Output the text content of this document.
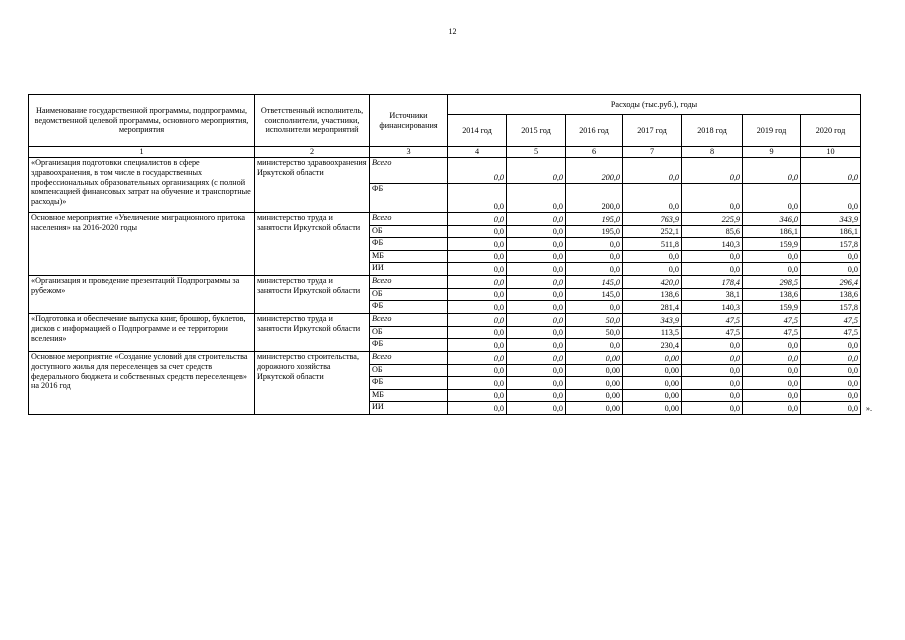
12
Наименование государственной программы, подпрограммы, ведомственной целевой программы, основного мероприятия, мероприятия	Ответственный исполнитель, соисполнители, участники, исполнители мероприятий	Источники финансирования	Расходы (тыс.руб.), годы						
			2014 год	2015 год	2016 год	2017 год	2018 год	2019 год	2020 год
1	2	3	4	5	6	7	8	9	10
«Организация подготовки специалистов в сфере здравоохранения, в том числе в государственных профессиональных образовательных организациях (с полной компенсацией финансовых затрат на обучение и транспортные расходы)»	министерство здравоохранения Иркутской области	Всего	0,0	0,0	200,0	0,0	0,0	0,0	0,0
		ФБ	0,0	0,0	200,0	0,0	0,0	0,0	0,0
Основное мероприятие «Увеличение миграционного притока населения» на 2016-2020 годы	министерство труда и занятости Иркутской области	Всего	0,0	0,0	195,0	763,9	225,9	346,0	343,9
		ОБ	0,0	0,0	195,0	252,1	85,6	186,1	186,1
		ФБ	0,0	0,0	0,0	511,8	140,3	159,9	157,8
		МБ	0,0	0,0	0,0	0,0	0,0	0,0	0,0
		ИИ	0,0	0,0	0,0	0,0	0,0	0,0	0,0
«Организация и проведение презентаций Подпрограммы за рубежом»	министерство труда и занятости Иркутской области	Всего	0,0	0,0	145,0	420,0	178,4	298,5	296,4
		ОБ	0,0	0,0	145,0	138,6	38,1	138,6	138,6
		ФБ	0,0	0,0	0,0	281,4	140,3	159,9	157,8
«Подготовка и обеспечение выпуска книг, брошюр, буклетов, дисков с информацией о Подпрограмме и ее территории вселения»	министерство труда и занятости Иркутской области	Всего	0,0	0,0	50,0	343,9	47,5	47,5	47,5
		ОБ	0,0	0,0	50,0	113,5	47,5	47,5	47,5
		ФБ	0,0	0,0	0,0	230,4	0,0	0,0	0,0
Основное мероприятие «Создание условий для строительства доступного жилья для переселенцев за счет средств федерального бюджета и собственных средств переселенцев» на 2016 год	министерство строительства, дорожного хозяйства Иркутской области	Всего	0,0	0,0	0,00	0,00	0,0	0,0	0,0
		ОБ	0,0	0,0	0,00	0,00	0,0	0,0	0,0
		ФБ	0,0	0,0	0,00	0,00	0,0	0,0	0,0
		МБ	0,0	0,0	0,00	0,00	0,0	0,0	0,0
		ИИ	0,0	0,0	0,00	0,00	0,0	0,0	0,0 ».
